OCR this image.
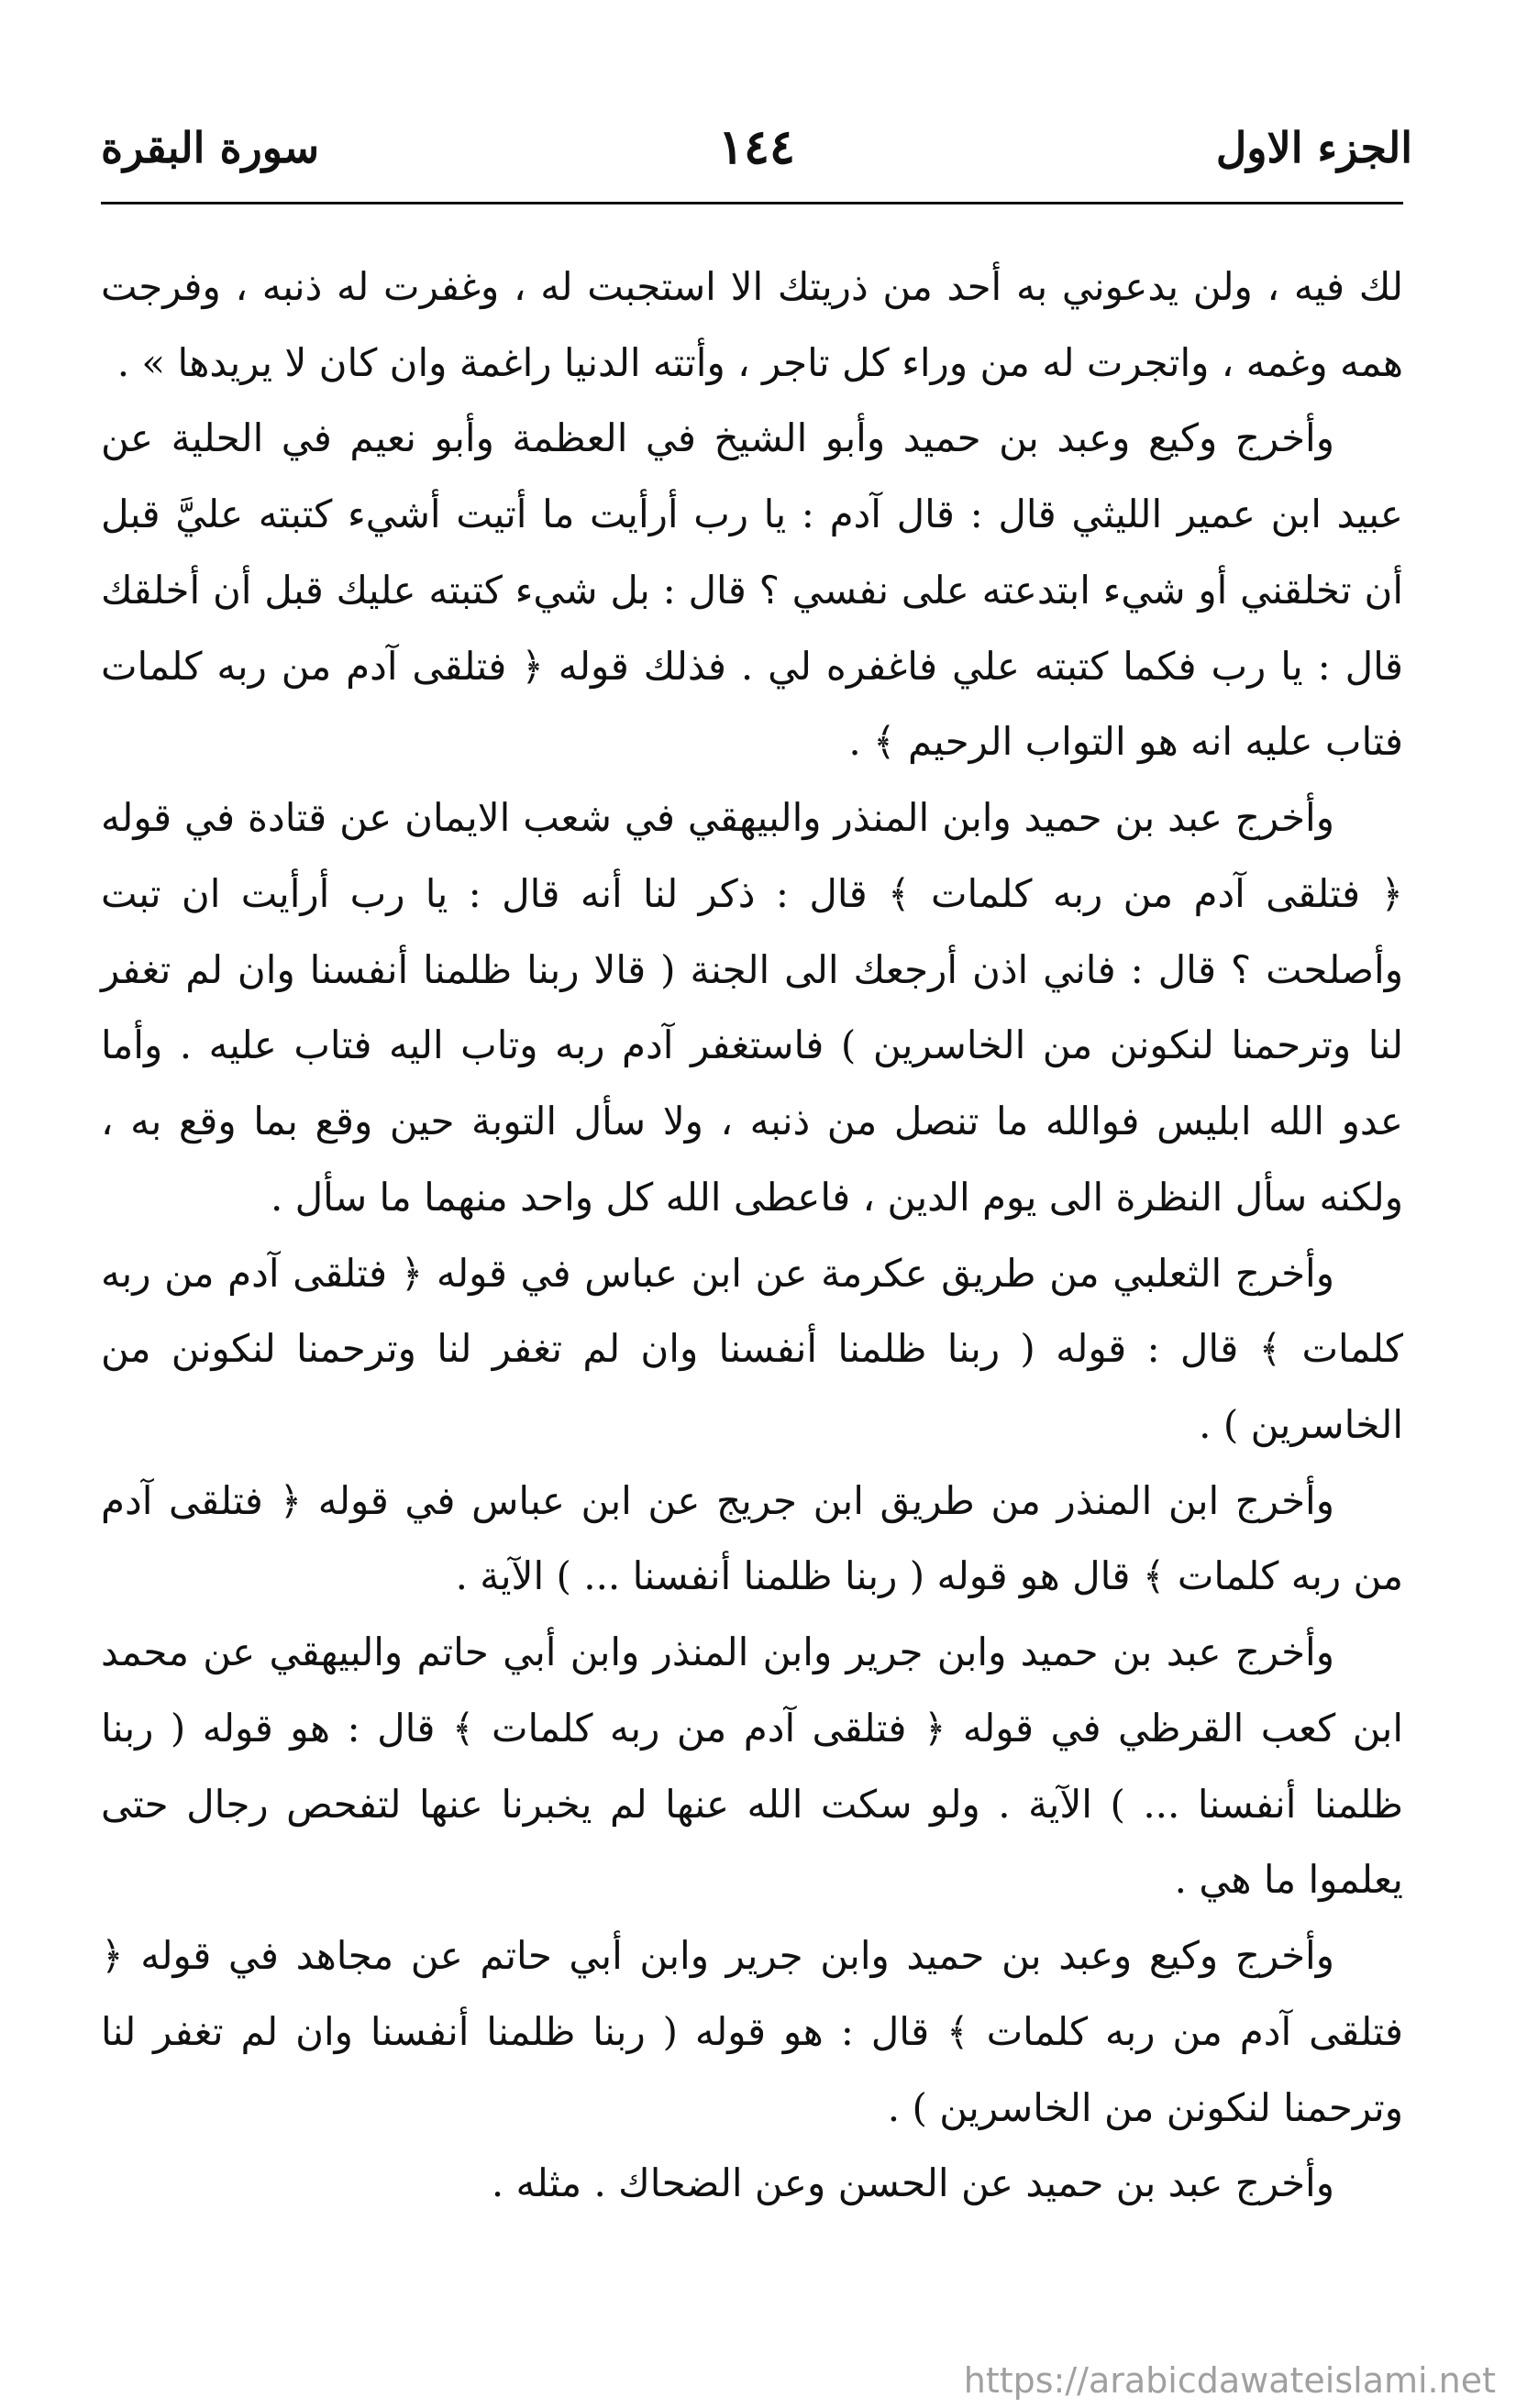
الجزء الاول
١٤٤
سورة البقرة

لك فيه ، ولن يدعوني به أحد من ذريتك الا استجبت له ، وغفرت له ذنبه ، وفرجت همه وغمه ، واتجرت له من وراء كل تاجر ، وأتته الدنيا راغمة وان كان لا يريدها » .

وأخرج وكيع وعبد بن حميد وأبو الشيخ في العظمة وأبو نعيم في الحلية عن عبيد ابن عمير الليثي قال : قال آدم : يا رب أرأيت ما أتيت أشيء كتبته عليَّ قبل أن تخلقني أو شيء ابتدعته على نفسي ؟ قال : بل شيء كتبته عليك قبل أن أخلقك قال : يا رب فكما كتبته علي فاغفره لي . فذلك قوله ﴿ فتلقى آدم من ربه كلمات فتاب عليه انه هو التواب الرحيم ﴾ .

وأخرج عبد بن حميد وابن المنذر والبيهقي في شعب الايمان عن قتادة في قوله ﴿ فتلقى آدم من ربه كلمات ﴾ قال : ذكر لنا أنه قال : يا رب أرأيت ان تبت وأصلحت ؟ قال : فاني اذن أرجعك الى الجنة ( قالا ربنا ظلمنا أنفسنا وان لم تغفر لنا وترحمنا لنكونن من الخاسرين ) فاستغفر آدم ربه وتاب اليه فتاب عليه . وأما عدو الله ابليس فوالله ما تنصل من ذنبه ، ولا سأل التوبة حين وقع بما وقع به ، ولكنه سأل النظرة الى يوم الدين ، فاعطى الله كل واحد منهما ما سأل .

وأخرج الثعلبي من طريق عكرمة عن ابن عباس في قوله ﴿ فتلقى آدم من ربه كلمات ﴾ قال : قوله ( ربنا ظلمنا أنفسنا وان لم تغفر لنا وترحمنا لنكونن من الخاسرين ) .

وأخرج ابن المنذر من طريق ابن جريج عن ابن عباس في قوله ﴿ فتلقى آدم من ربه كلمات ﴾ قال هو قوله ( ربنا ظلمنا أنفسنا ... ) الآية .

وأخرج عبد بن حميد وابن جرير وابن المنذر وابن أبي حاتم والبيهقي عن محمد ابن كعب القرظي في قوله ﴿ فتلقى آدم من ربه كلمات ﴾ قال : هو قوله ( ربنا ظلمنا أنفسنا ... ) الآية . ولو سكت الله عنها لم يخبرنا عنها لتفحص رجال حتى يعلموا ما هي .

وأخرج وكيع وعبد بن حميد وابن جرير وابن أبي حاتم عن مجاهد في قوله ﴿ فتلقى آدم من ربه كلمات ﴾ قال : هو قوله ( ربنا ظلمنا أنفسنا وان لم تغفر لنا وترحمنا لنكونن من الخاسرين ) .

وأخرج عبد بن حميد عن الحسن وعن الضحاك . مثله .

https://arabicdawateislami.net
